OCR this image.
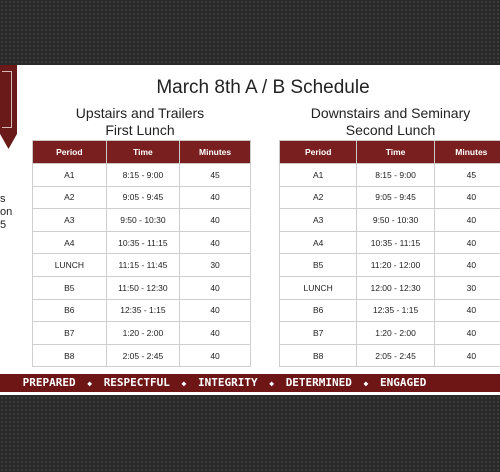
s
on
5
March 8th A / B Schedule
Upstairs and Trailers
First Lunch
Downstairs and Seminary
Second Lunch
Period	Time	Minutes
A1	8:15 - 9:00	45
A2	9:05 - 9:45	40
A3	9:50 - 10:30	40
A4	10:35 - 11:15	40
LUNCH	11:15 - 11:45	30
B5	11:50 - 12:30	40
B6	12:35 - 1:15	40
B7	1:20 - 2:00	40
B8	2:05 - 2:45	40
Period	Time	Minutes
A1	8:15 - 9:00	45
A2	9:05 - 9:45	40
A3	9:50 - 10:30	40
A4	10:35 - 11:15	40
B5	11:20 - 12:00	40
LUNCH	12:00 - 12:30	30
B6	12:35 - 1:15	40
B7	1:20 - 2:00	40
B8	2:05 - 2:45	40
PREPARED ◆ RESPECTFUL ◆ INTEGRITY ◆ DETERMINED ◆ ENGAGED
